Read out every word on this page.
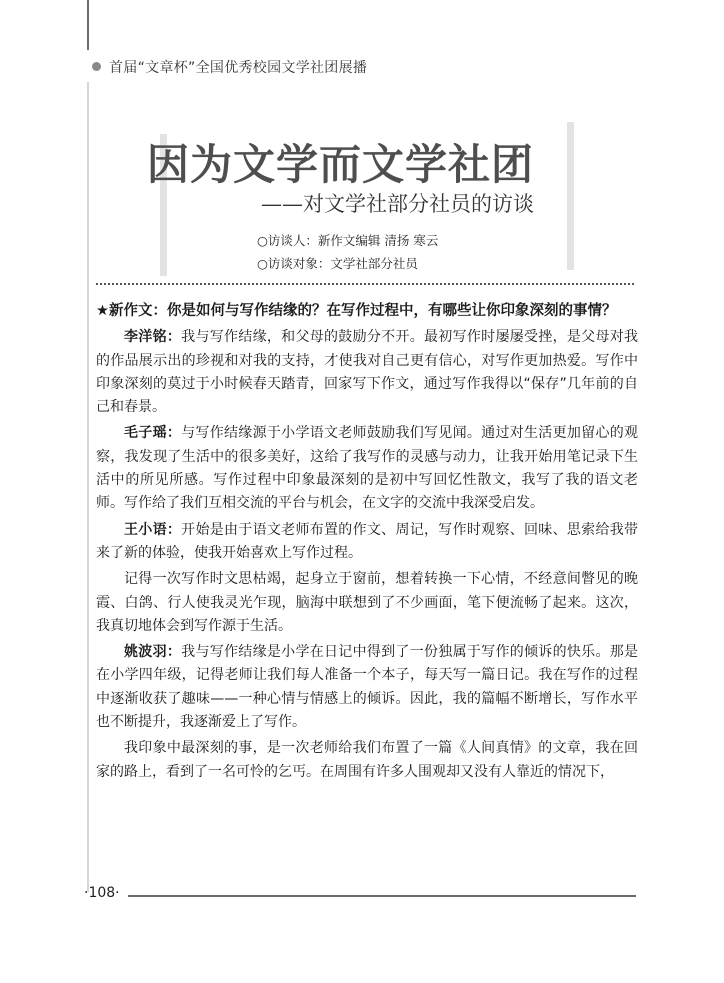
首届“文章杯”全国优秀校园文学社团展播
因为文学而文学社团
——对文学社部分社员的访谈
○访谈人：新作文编辑 清扬 寒云
○访谈对象：文学社部分社员

★新作文：你是如何与写作结缘的？在写作过程中，有哪些让你印象深刻的事情？

李洋铭：我与写作结缘，和父母的鼓励分不开。最初写作时屡屡受挫，是父母对我的作品展示出的珍视和对我的支持，才使我对自己更有信心，对写作更加热爱。写作中印象深刻的莫过于小时候春天踏青，回家写下作文，通过写作我得以“保存”几年前的自己和春景。

毛子瑶：与写作结缘源于小学语文老师鼓励我们写见闻。通过对生活更加留心的观察，我发现了生活中的很多美好，这给了我写作的灵感与动力，让我开始用笔记录下生活中的所见所感。写作过程中印象最深刻的是初中写回忆性散文，我写了我的语文老师。写作给了我们互相交流的平台与机会，在文字的交流中我深受启发。

王小语：开始是由于语文老师布置的作文、周记，写作时观察、回味、思索给我带来了新的体验，使我开始喜欢上写作过程。

记得一次写作时文思枯竭，起身立于窗前，想着转换一下心情，不经意间瞥见的晚霞、白鸽、行人使我灵光乍现，脑海中联想到了不少画面，笔下便流畅了起来。这次，我真切地体会到写作源于生活。

姚波羽：我与写作结缘是小学在日记中得到了一份独属于写作的倾诉的快乐。那是在小学四年级，记得老师让我们每人准备一个本子，每天写一篇日记。我在写作的过程中逐渐收获了趣味——一种心情与情感上的倾诉。因此，我的篇幅不断增长，写作水平也不断提升，我逐渐爱上了写作。

我印象中最深刻的事，是一次老师给我们布置了一篇《人间真情》的文章，我在回家的路上，看到了一名可怜的乞丐。在周围有许多人围观却又没有人靠近的情况下，

·108·
